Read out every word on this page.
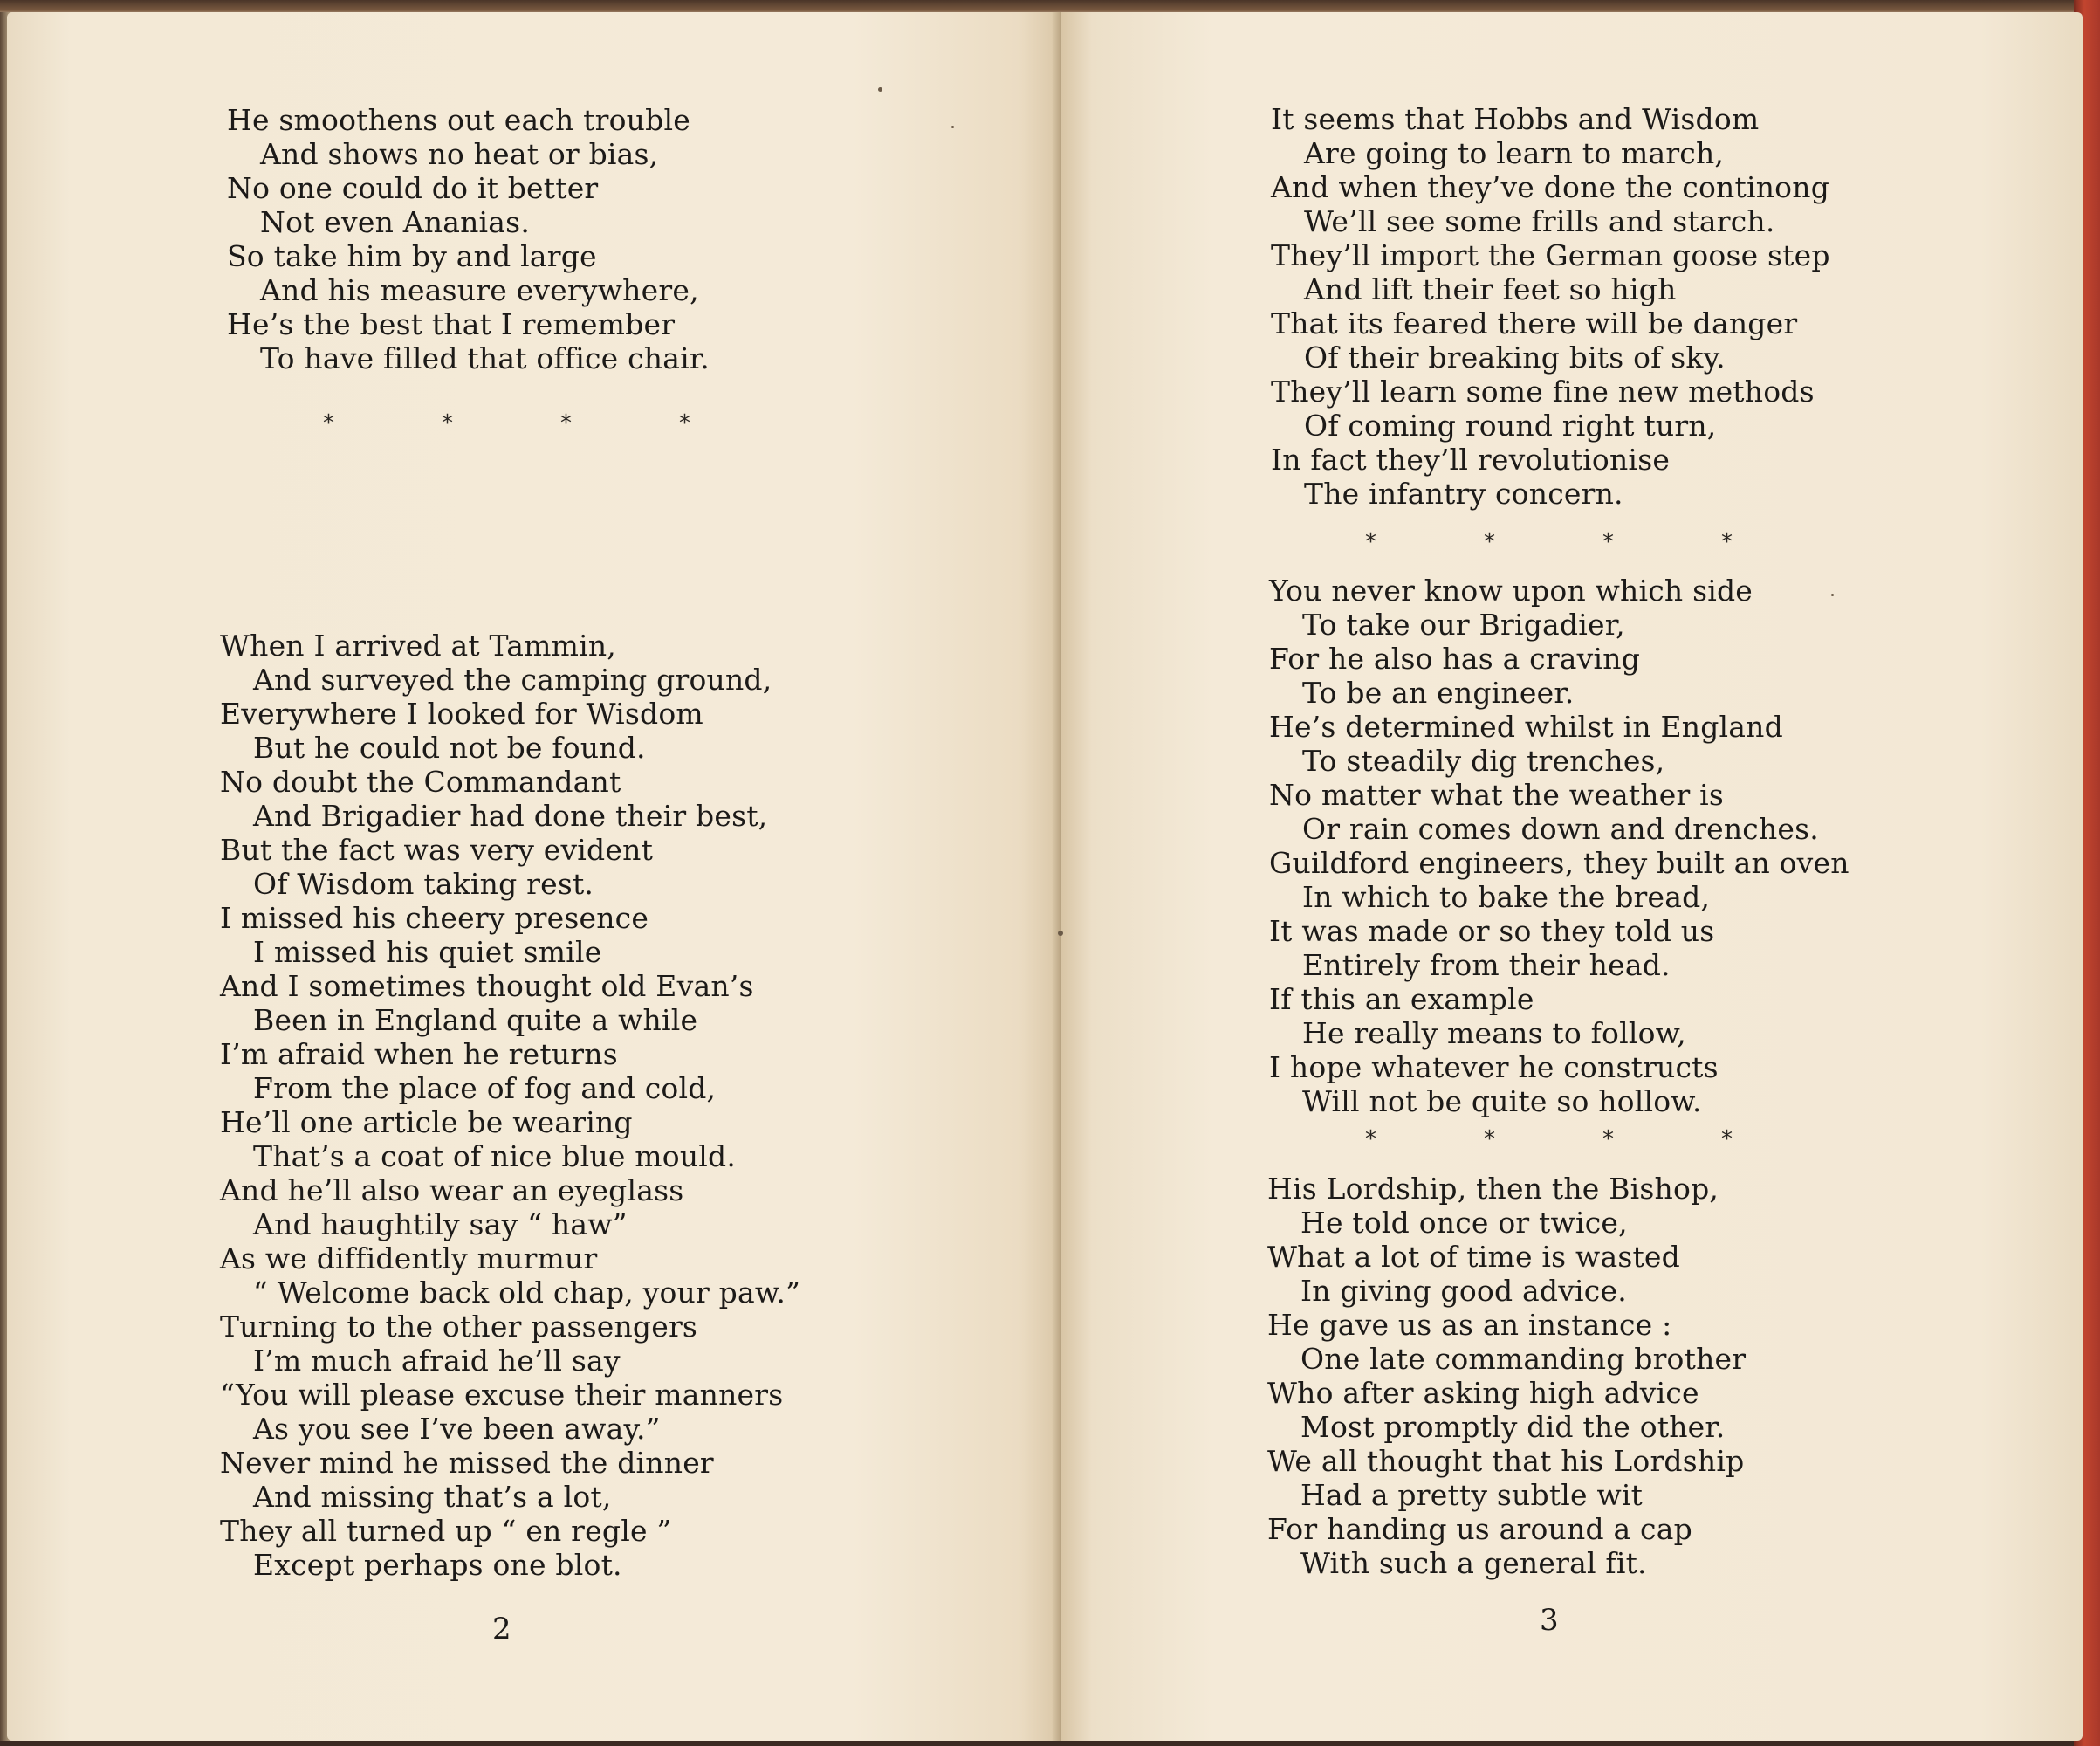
He smoothens out each trouble
And shows no heat or bias,
No one could do it better
Not even Ananias.
So take him by and large
And his measure everywhere,
He’s the best that I remember
To have filled that office chair.
*	*	*	*
When I arrived at Tammin,
And surveyed the camping ground,
Everywhere I looked for Wisdom
But he could not be found.
No doubt the Commandant
And Brigadier had done their best,
But the fact was very evident
Of Wisdom taking rest.
I missed his cheery presence
I missed his quiet smile
And I sometimes thought old Evan’s
Been in England quite a while
I’m afraid when he returns
From the place of fog and cold,
He’ll one article be wearing
That’s a coat of nice blue mould.
And he’ll also wear an eyeglass
And haughtily say “ haw”
As we diffidently murmur
“ Welcome back old chap, your paw.”
Turning to the other passengers
I’m much afraid he’ll say
“You will please excuse their manners
As you see I’ve been away.”
Never mind he missed the dinner
And missing that’s a lot,
They all turned up “ en regle ”
Except perhaps one blot.
2
It seems that Hobbs and Wisdom
Are going to learn to march,
And when they’ve done the continong
We’ll see some frills and starch.
They’ll import the German goose step
And lift their feet so high
That its feared there will be danger
Of their breaking bits of sky.
They’ll learn some fine new methods
Of coming round right turn,
In fact they’ll revolutionise
The infantry concern.
*	*	*	*
You never know upon which side
To take our Brigadier,
For he also has a craving
To be an engineer.
He’s determined whilst in England
To steadily dig trenches,
No matter what the weather is
Or rain comes down and drenches.
Guildford engineers, they built an oven
In which to bake the bread,
It was made or so they told us
Entirely from their head.
If this an example
He really means to follow,
I hope whatever he constructs
Will not be quite so hollow.
*	*	*	*
His Lordship, then the Bishop,
He told once or twice,
What a lot of time is wasted
In giving good advice.
He gave us as an instance :
One late commanding brother
Who after asking high advice
Most promptly did the other.
We all thought that his Lordship
Had a pretty subtle wit
For handing us around a cap
With such a general fit.
3
